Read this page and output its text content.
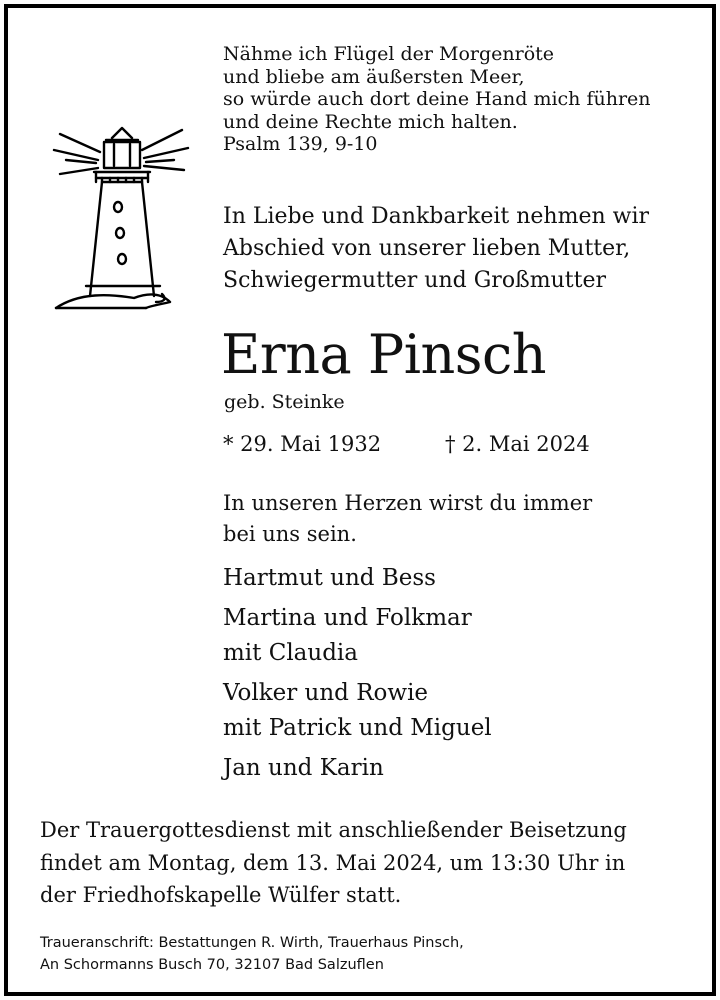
Nähme ich Flügel der Morgenröte
und bliebe am äußersten Meer,
so würde auch dort deine Hand mich führen
und deine Rechte mich halten.
Psalm 139, 9-10
In Liebe und Dankbarkeit nehmen wir
Abschied von unserer lieben Mutter,
Schwiegermutter und Großmutter
Erna Pinsch
geb. Steinke
* 29. Mai 1932	† 2. Mai 2024
In unseren Herzen wirst du immer
bei uns sein.
Hartmut und Bess
Martina und Folkmar
mit Claudia
Volker und Rowie
mit Patrick und Miguel
Jan und Karin
Der Trauergottesdienst mit anschließender Beisetzung
findet am Montag, dem 13. Mai 2024, um 13:30 Uhr in
der Friedhofskapelle Wülfer statt.
Traueranschrift: Bestattungen R. Wirth, Trauerhaus Pinsch,
An Schormanns Busch 70, 32107 Bad Salzuflen
